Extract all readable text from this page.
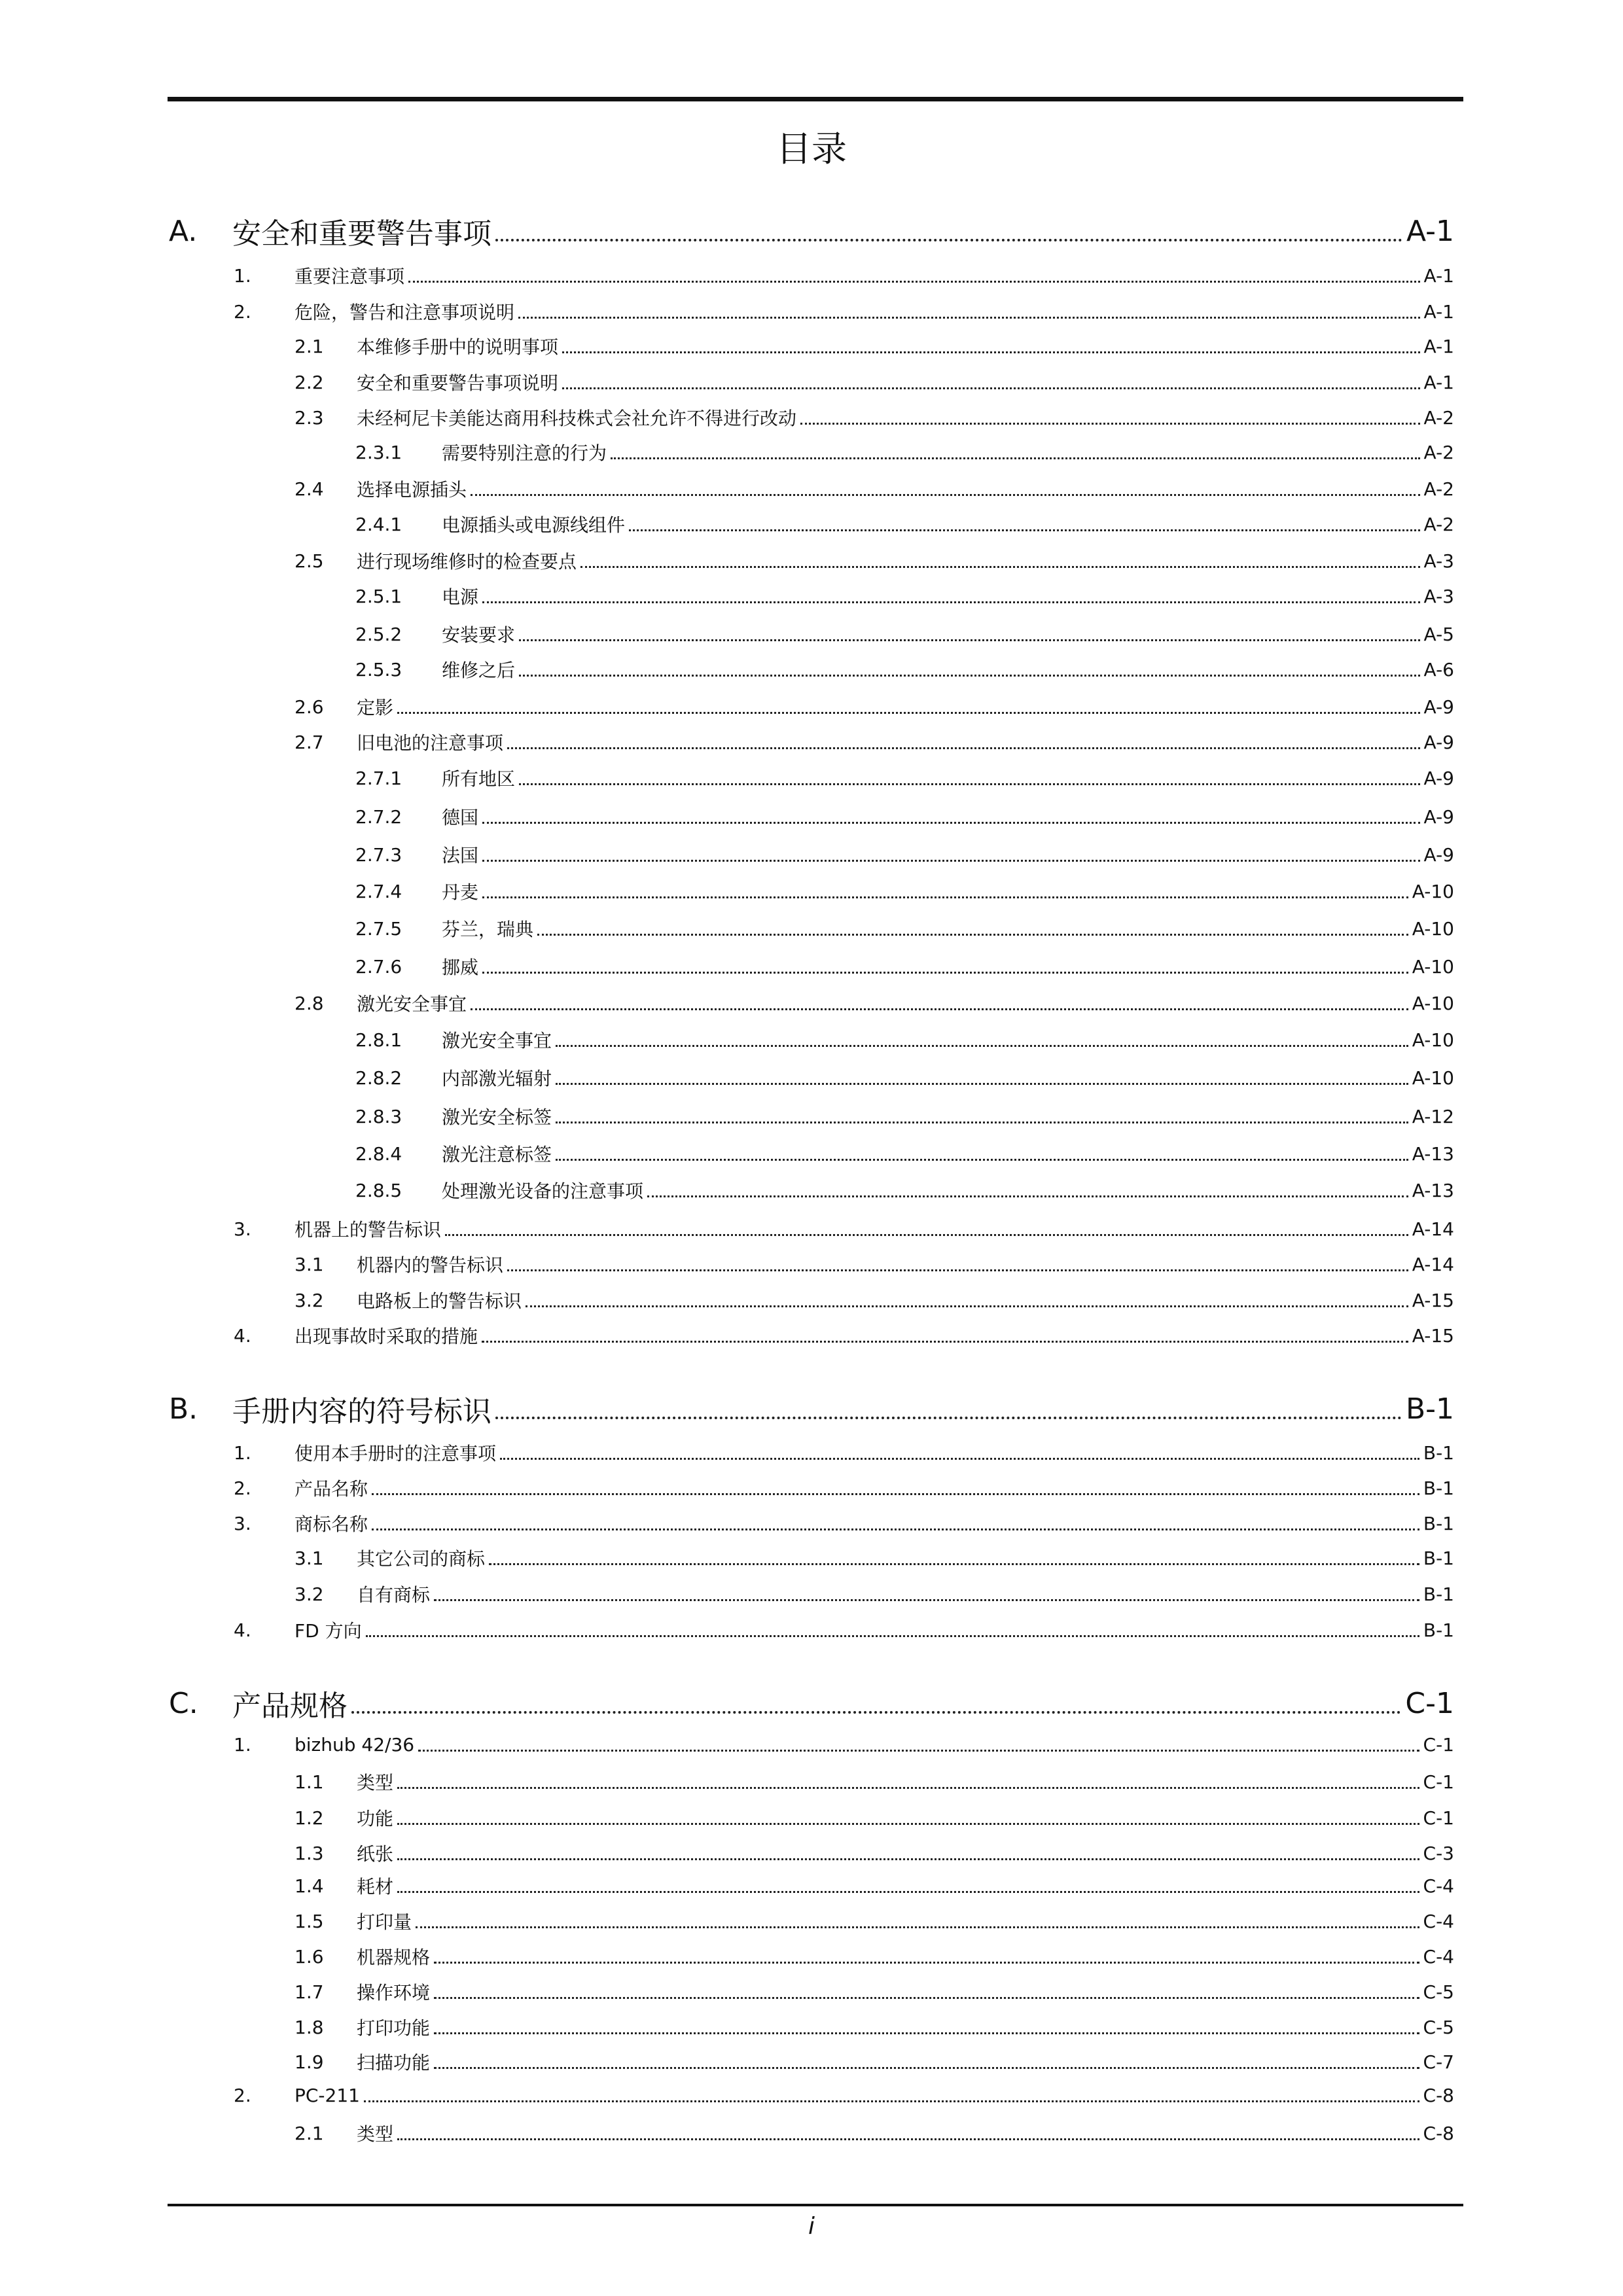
目录
A. 安全和重要警告事项	A-1
1. 重要注意事项	A-1
2. 危险，警告和注意事项说明	A-1
2.1 本维修手册中的说明事项	A-1
2.2 安全和重要警告事项说明	A-1
2.3 未经柯尼卡美能达商用科技株式会社允许不得进行改动	A-2
2.3.1 需要特别注意的行为	A-2
2.4 选择电源插头	A-2
2.4.1 电源插头或电源线组件	A-2
2.5 进行现场维修时的检查要点	A-3
2.5.1 电源	A-3
2.5.2 安装要求	A-5
2.5.3 维修之后	A-6
2.6 定影	A-9
2.7 旧电池的注意事项	A-9
2.7.1 所有地区	A-9
2.7.2 德国	A-9
2.7.3 法国	A-9
2.7.4 丹麦	A-10
2.7.5 芬兰，瑞典	A-10
2.7.6 挪威	A-10
2.8 激光安全事宜	A-10
2.8.1 激光安全事宜	A-10
2.8.2 内部激光辐射	A-10
2.8.3 激光安全标签	A-12
2.8.4 激光注意标签	A-13
2.8.5 处理激光设备的注意事项	A-13
3. 机器上的警告标识	A-14
3.1 机器内的警告标识	A-14
3.2 电路板上的警告标识	A-15
4. 出现事故时采取的措施	A-15
B. 手册内容的符号标识	B-1
1. 使用本手册时的注意事项	B-1
2. 产品名称	B-1
3. 商标名称	B-1
3.1 其它公司的商标	B-1
3.2 自有商标	B-1
4. FD 方向	B-1
C. 产品规格	C-1
1. bizhub 42/36	C-1
1.1 类型	C-1
1.2 功能	C-1
1.3 纸张	C-3
1.4 耗材	C-4
1.5 打印量	C-4
1.6 机器规格	C-4
1.7 操作环境	C-5
1.8 打印功能	C-5
1.9 扫描功能	C-7
2. PC-211	C-8
2.1 类型	C-8
i
